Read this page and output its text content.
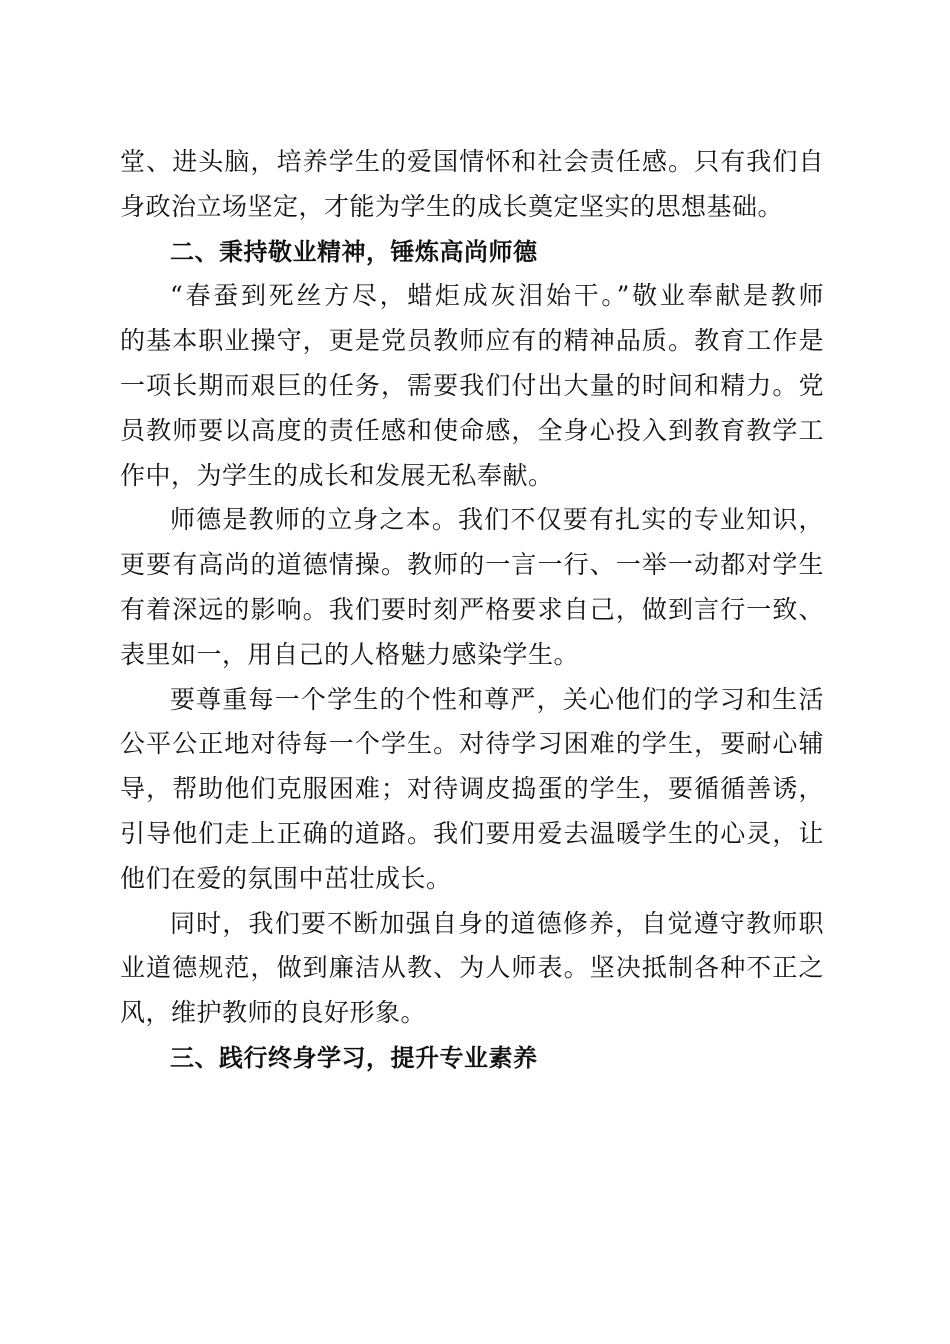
堂、进头脑，培养学生的爱国情怀和社会责任感。只有我们自
身政治立场坚定，才能为学生的成长奠定坚实的思想基础。
二、秉持敬业精神，锤炼高尚师德
“春蚕到死丝方尽，蜡炬成灰泪始干。”敬业奉献是教师
的基本职业操守，更是党员教师应有的精神品质。教育工作是
一项长期而艰巨的任务，需要我们付出大量的时间和精力。党
员教师要以高度的责任感和使命感，全身心投入到教育教学工
作中，为学生的成长和发展无私奉献。
师德是教师的立身之本。我们不仅要有扎实的专业知识，
更要有高尚的道德情操。教师的一言一行、一举一动都对学生
有着深远的影响。我们要时刻严格要求自己，做到言行一致、
表里如一，用自己的人格魅力感染学生。
要尊重每一个学生的个性和尊严，关心他们的学习和生活
公平公正地对待每一个学生。对待学习困难的学生，要耐心辅
导，帮助他们克服困难；对待调皮捣蛋的学生，要循循善诱，
引导他们走上正确的道路。我们要用爱去温暖学生的心灵，让
他们在爱的氛围中茁壮成长。
同时，我们要不断加强自身的道德修养，自觉遵守教师职
业道德规范，做到廉洁从教、为人师表。坚决抵制各种不正之
风，维护教师的良好形象。
三、践行终身学习，提升专业素养
